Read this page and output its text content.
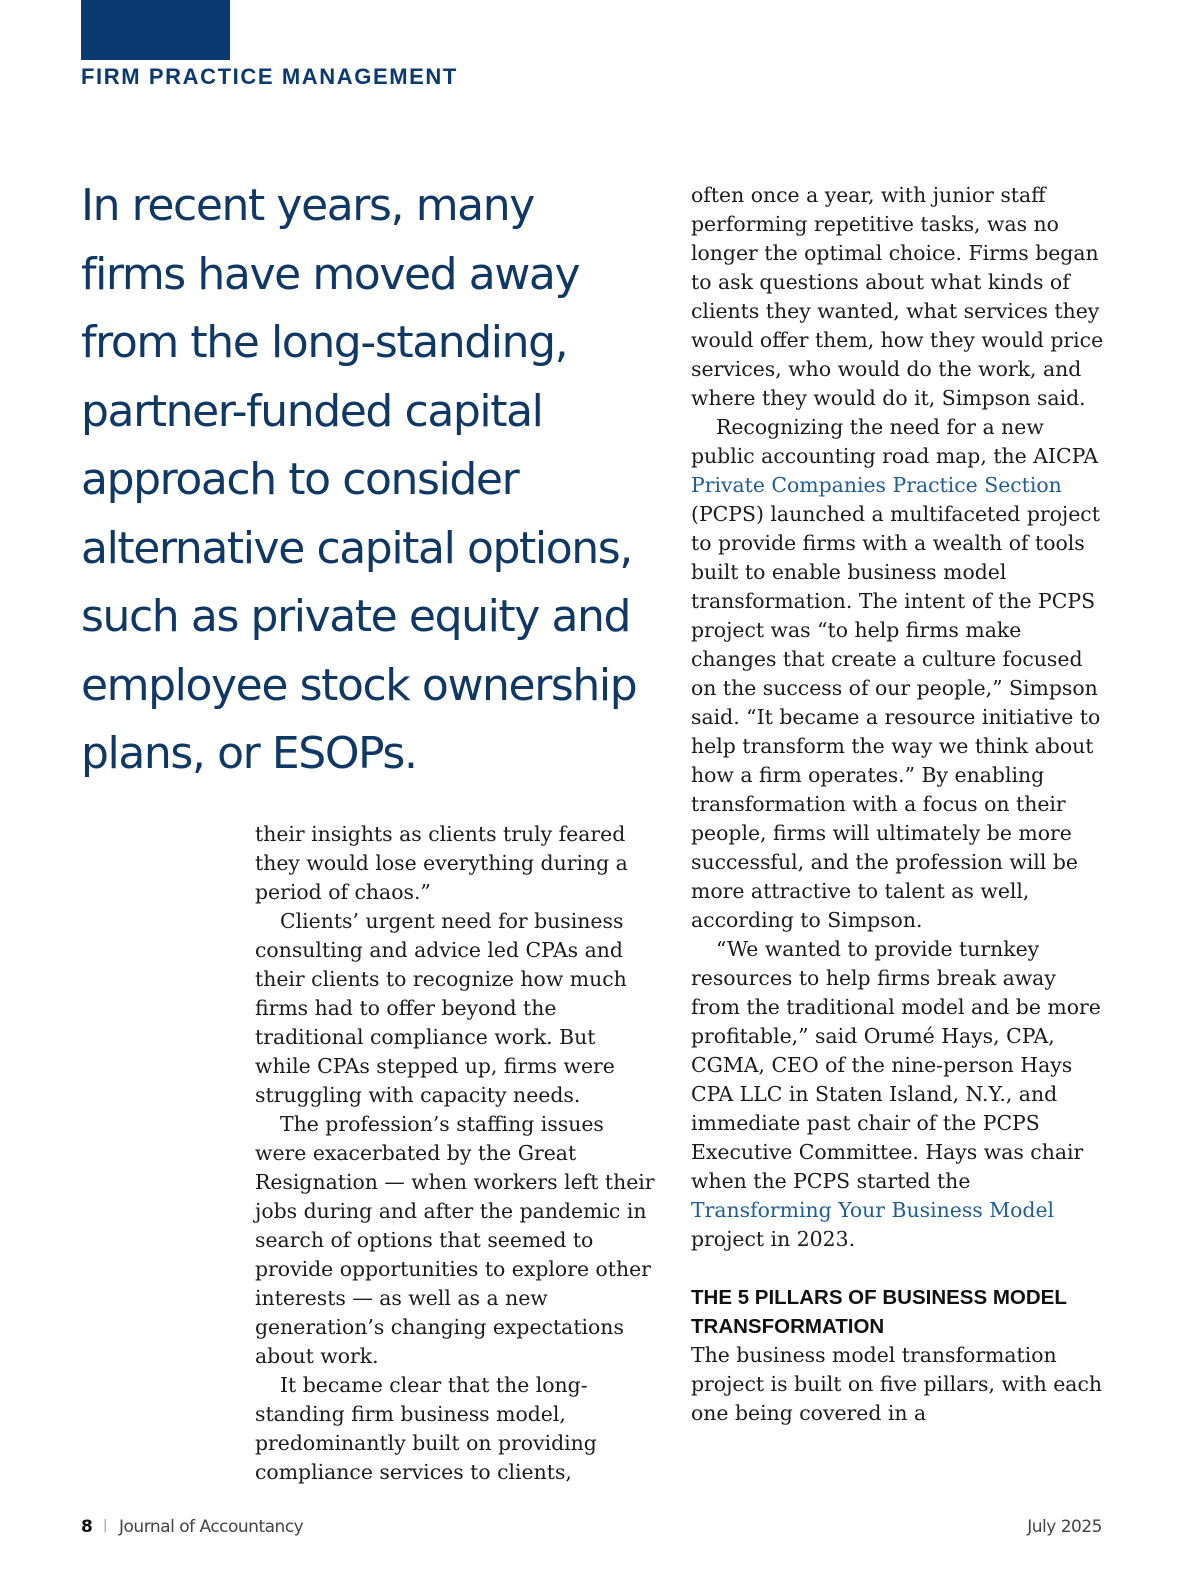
FIRM PRACTICE MANAGEMENT
In recent years, many firms have moved away from the long-standing, partner-funded capital approach to consider alternative capital options, such as private equity and employee stock ownership plans, or ESOPs.

their insights as clients truly feared they would lose everything during a period of chaos.”

Clients’ urgent need for business consulting and advice led CPAs and their clients to recognize how much firms had to offer beyond the traditional compliance work. But while CPAs stepped up, firms were struggling with capacity needs.

The profession’s staffing issues were exacerbated by the Great Resignation — when workers left their jobs during and after the pandemic in search of options that seemed to provide opportunities to explore other interests — as well as a new generation’s changing expectations about work.

It became clear that the long-standing firm business model, predominantly built on providing compliance services to clients,

often once a year, with junior staff performing repetitive tasks, was no longer the optimal choice. Firms began to ask questions about what kinds of clients they wanted, what services they would offer them, how they would price services, who would do the work, and where they would do it, Simpson said.

Recognizing the need for a new public accounting road map, the AICPA Private Companies Practice Section (PCPS) launched a multifaceted project to provide firms with a wealth of tools built to enable business model transformation. The intent of the PCPS project was “to help firms make changes that create a culture focused on the success of our people,” Simpson said. “It became a resource initiative to help transform the way we think about how a firm operates.” By enabling transformation with a focus on their people, firms will ultimately be more successful, and the profession will be more attractive to talent as well, according to Simpson.

“We wanted to provide turnkey resources to help firms break away from the traditional model and be more profitable,” said Orumé Hays, CPA, CGMA, CEO of the nine-person Hays CPA LLC in Staten Island, N.Y., and immediate past chair of the PCPS Executive Committee. Hays was chair when the PCPS started the Transforming Your Business Model project in 2023.

THE 5 PILLARS OF BUSINESS MODEL TRANSFORMATION

The business model transformation project is built on five pillars, with each one being covered in a

8 | Journal of Accountancy	July 2025
